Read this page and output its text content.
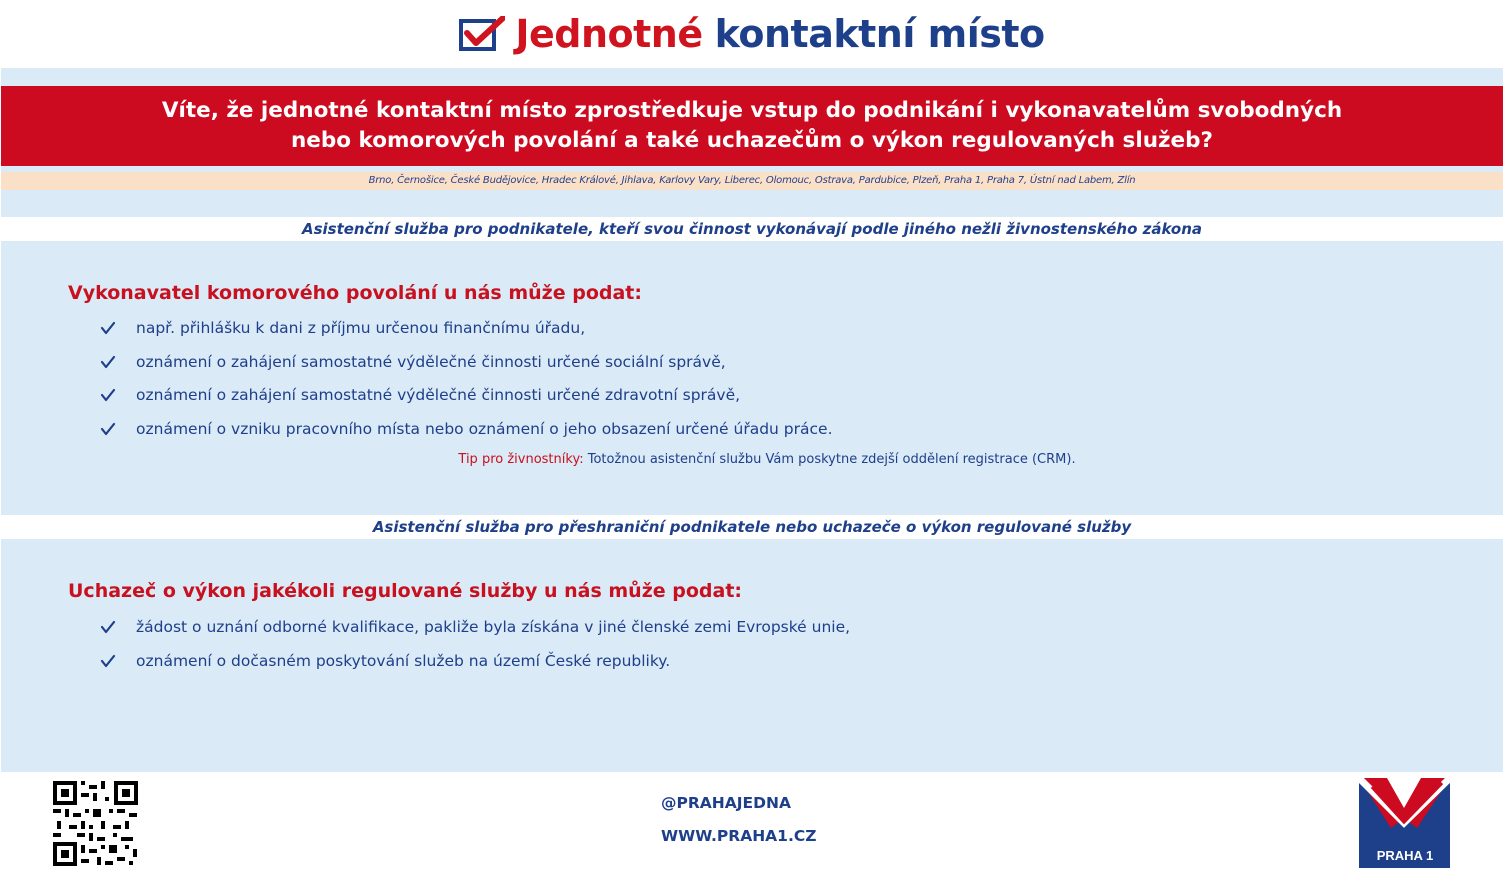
Jednotné kontaktní místo
Víte, že jednotné kontaktní místo zprostředkuje vstup do podnikání i vykonavatelům svobodných
nebo komorových povolání a také uchazečům o výkon regulovaných služeb?
Brno, Černošice, České Budějovice, Hradec Králové, Jihlava, Karlovy Vary, Liberec, Olomouc, Ostrava, Pardubice, Plzeň, Praha 1, Praha 7, Ústní nad Labem, Zlín
Asistenční služba pro podnikatele, kteří svou činnost vykonávají podle jiného nežli živnostenského zákona
Vykonavatel komorového povolání u nás může podat:
např. přihlášku k dani z příjmu určenou finančnímu úřadu,
oznámení o zahájení samostatné výdělečné činnosti určené sociální správě,
oznámení o zahájení samostatné výdělečné činnosti určené zdravotní správě,
oznámení o vzniku pracovního místa nebo oznámení o jeho obsazení určené úřadu práce.
Tip pro živnostníky: Totožnou asistenční službu Vám poskytne zdejší oddělení registrace (CRM).
Asistenční služba pro přeshraniční podnikatele nebo uchazeče o výkon regulované služby
Uchazeč o výkon jakékoli regulované služby u nás může podat:
žádost o uznání odborné kvalifikace, pakliže byla získána v jiné členské zemi Evropské unie,
oznámení o dočasném poskytování služeb na území České republiky.
@PRAHAJEDNA
WWW.PRAHA1.CZ
PRAHA 1
